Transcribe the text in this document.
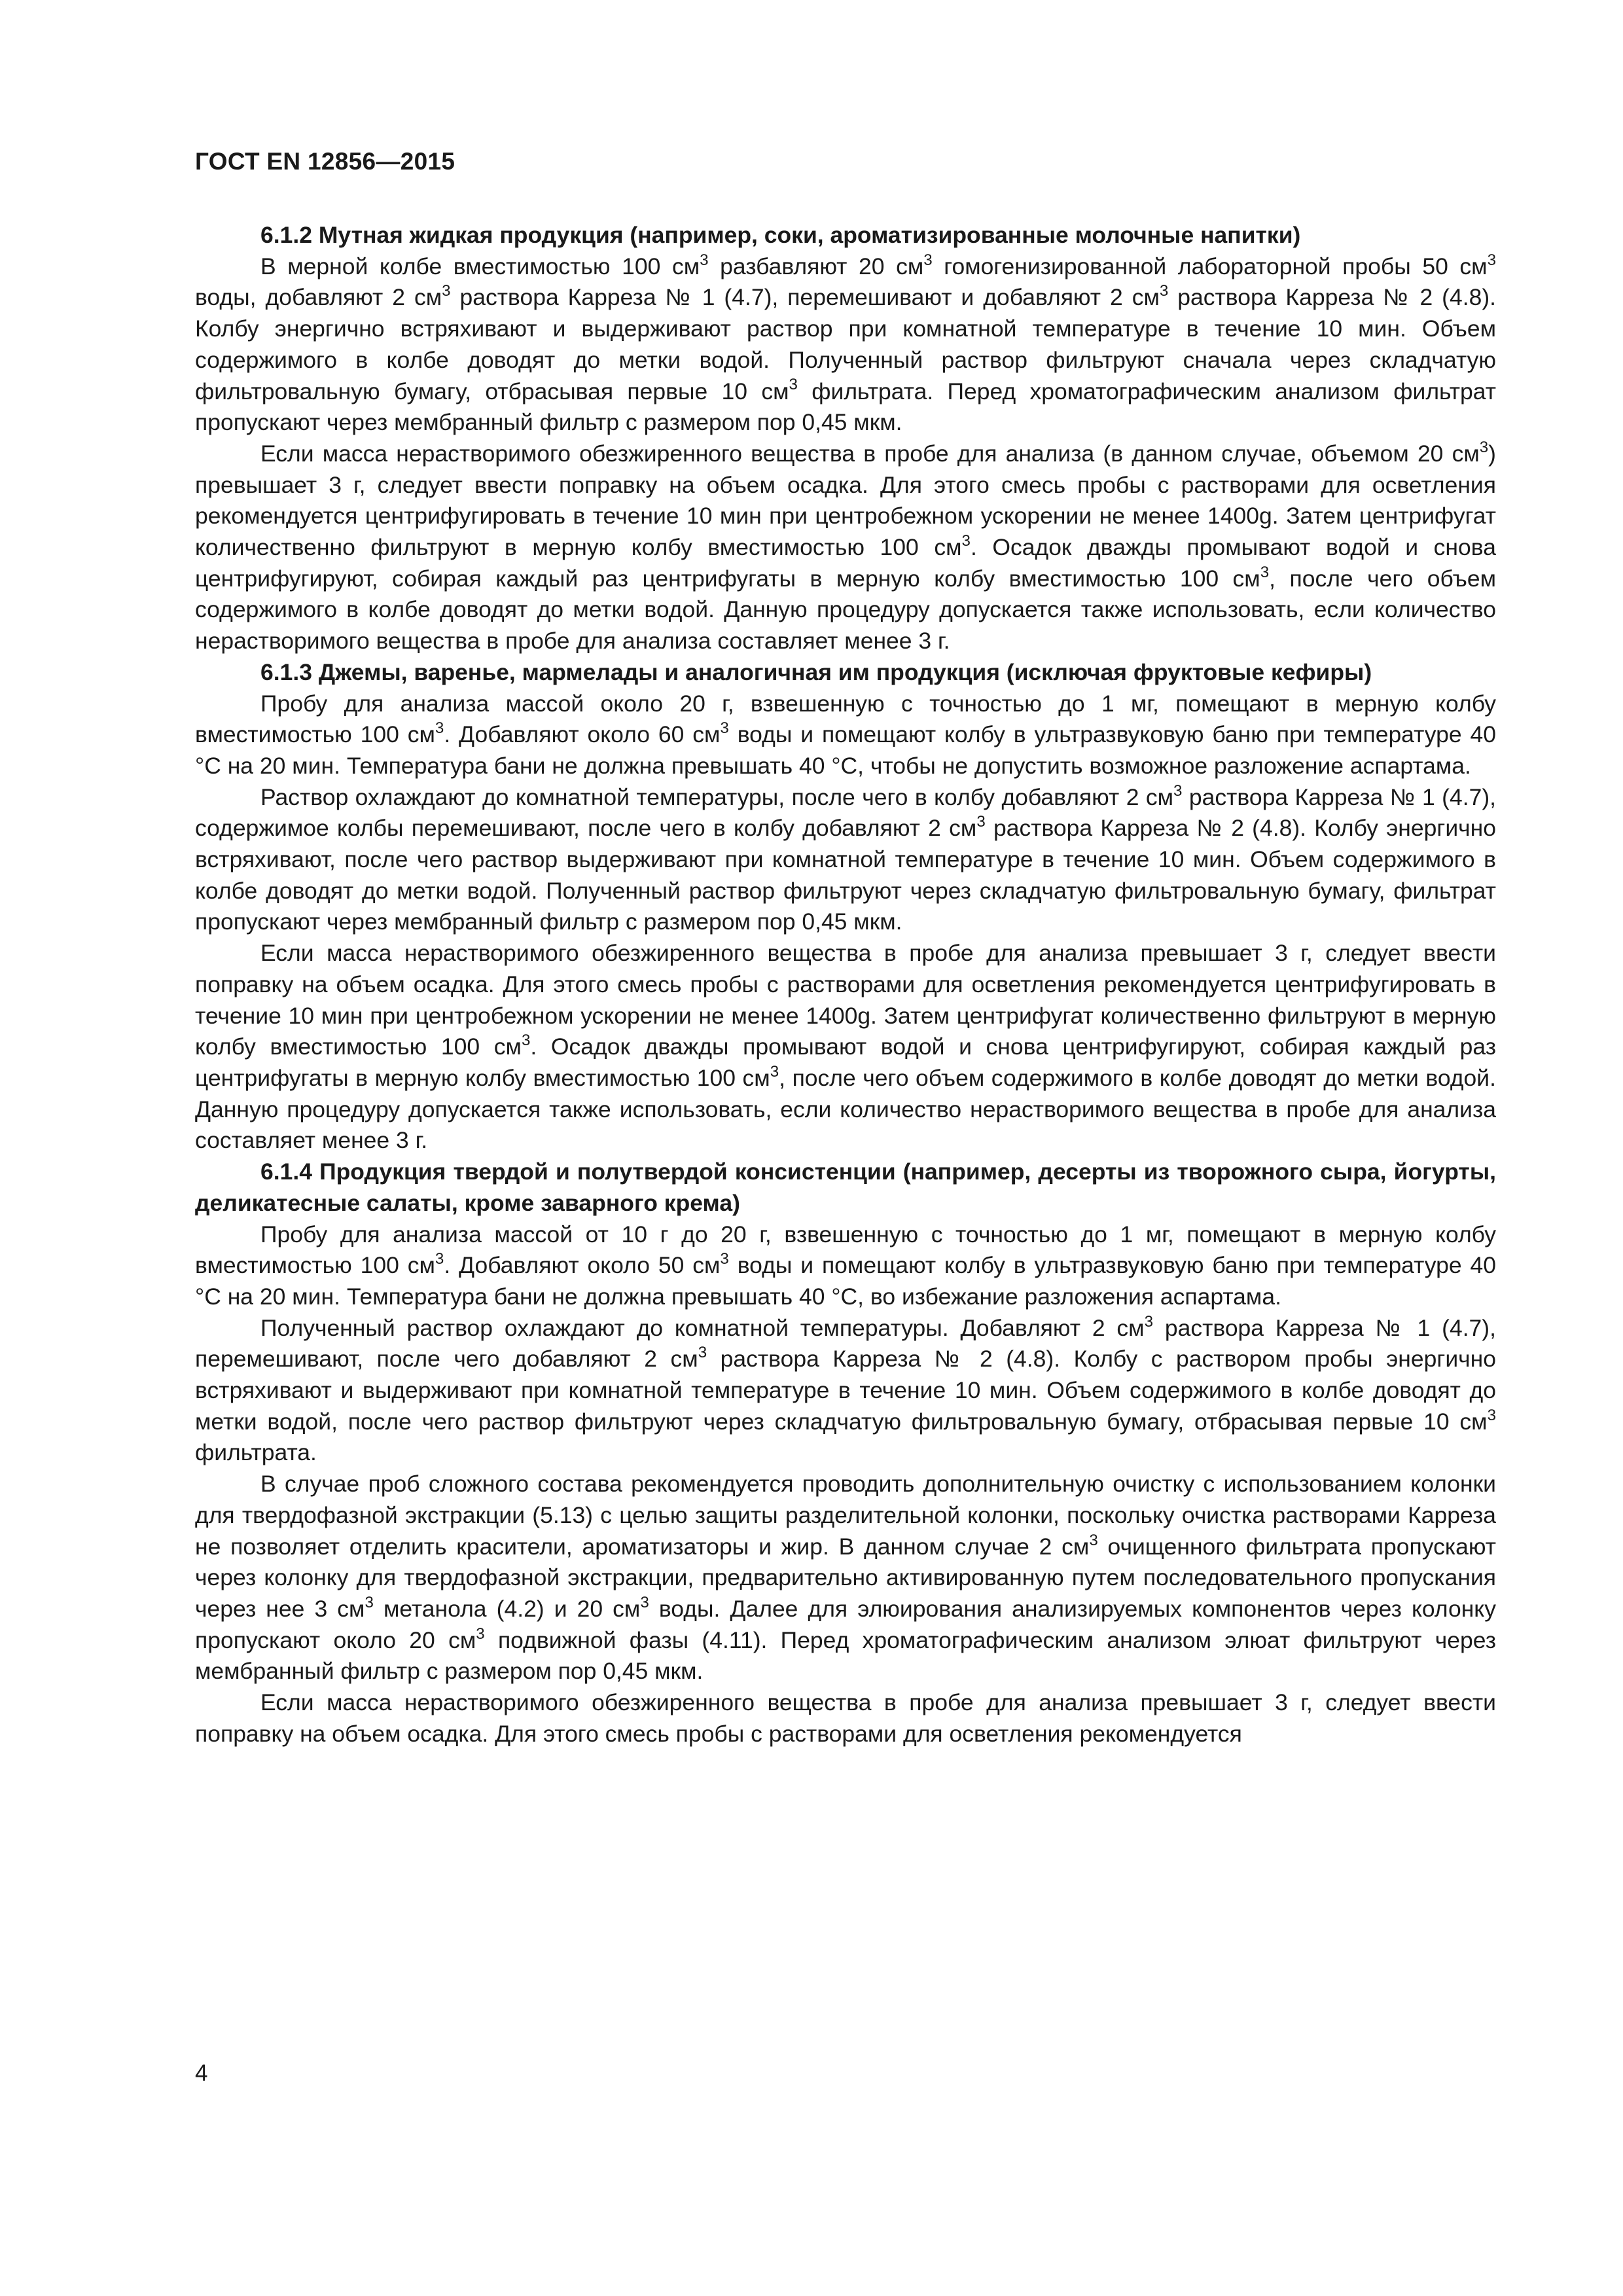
ГОСТ EN 12856—2015

6.1.2 Мутная жидкая продукция (например, соки, ароматизированные молочные напитки)

В мерной колбе вместимостью 100 $см^3$ разбавляют 20 $см^3$ гомогенизированной лабораторной пробы 50 $см^3$ воды, добавляют 2 $см^3$ раствора Карреза № 1 (4.7), перемешивают и добавляют 2 $см^3$ раствора Карреза № 2 (4.8). Колбу энергично встряхивают и выдерживают раствор при комнатной температуре в течение 10 мин. Объем содержимого в колбе доводят до метки водой. Полученный раствор фильтруют сначала через складчатую фильтровальную бумагу, отбрасывая первые 10 $см^3$ фильтрата. Перед хроматографическим анализом фильтрат пропускают через мембранный фильтр с размером пор 0,45 мкм.

Если масса нерастворимого обезжиренного вещества в пробе для анализа (в данном случае, объемом 20 $см^3$) превышает 3 г, следует ввести поправку на объем осадка. Для этого смесь пробы с растворами для осветления рекомендуется центрифугировать в течение 10 мин при центробежном ускорении не менее 1400g. Затем центрифугат количественно фильтруют в мерную колбу вместимостью 100 $см^3$. Осадок дважды промывают водой и снова центрифугируют, собирая каждый раз центрифугаты в мерную колбу вместимостью 100 $см^3$, после чего объем содержимого в колбе доводят до метки водой. Данную процедуру допускается также использовать, если количество нерастворимого вещества в пробе для анализа составляет менее 3 г.

6.1.3 Джемы, варенье, мармелады и аналогичная им продукция (исключая фруктовые кефиры)

Пробу для анализа массой около 20 г, взвешенную с точностью до 1 мг, помещают в мерную колбу вместимостью 100 $см^3$. Добавляют около 60 $см^3$ воды и помещают колбу в ультразвуковую баню при температуре 40 °С на 20 мин. Температура бани не должна превышать 40 °С, чтобы не допустить возможное разложение аспартама.

Раствор охлаждают до комнатной температуры, после чего в колбу добавляют 2 $см^3$ раствора Карреза № 1 (4.7), содержимое колбы перемешивают, после чего в колбу добавляют 2 $см^3$ раствора Карреза № 2 (4.8). Колбу энергично встряхивают, после чего раствор выдерживают при комнатной температуре в течение 10 мин. Объем содержимого в колбе доводят до метки водой. Полученный раствор фильтруют через складчатую фильтровальную бумагу, фильтрат пропускают через мембранный фильтр с размером пор 0,45 мкм.

Если масса нерастворимого обезжиренного вещества в пробе для анализа превышает 3 г, следует ввести поправку на объем осадка. Для этого смесь пробы с растворами для осветления рекомендуется центрифугировать в течение 10 мин при центробежном ускорении не менее 1400g. Затем центрифугат количественно фильтруют в мерную колбу вместимостью 100 $см^3$. Осадок дважды промывают водой и снова центрифугируют, собирая каждый раз центрифугаты в мерную колбу вместимостью 100 $см^3$, после чего объем содержимого в колбе доводят до метки водой. Данную процедуру допускается также использовать, если количество нерастворимого вещества в пробе для анализа составляет менее 3 г.

6.1.4 Продукция твердой и полутвердой консистенции (например, десерты из творожного сыра, йогурты, деликатесные салаты, кроме заварного крема)

Пробу для анализа массой от 10 г до 20 г, взвешенную с точностью до 1 мг, помещают в мерную колбу вместимостью 100 $см^3$. Добавляют около 50 $см^3$ воды и помещают колбу в ультразвуковую баню при температуре 40 °С на 20 мин. Температура бани не должна превышать 40 °С, во избежание разложения аспартама.

Полученный раствор охлаждают до комнатной температуры. Добавляют 2 $см^3$ раствора Карреза № 1 (4.7), перемешивают, после чего добавляют 2 $см^3$ раствора Карреза № 2 (4.8). Колбу с раствором пробы энергично встряхивают и выдерживают при комнатной температуре в течение 10 мин. Объем содержимого в колбе доводят до метки водой, после чего раствор фильтруют через складчатую фильтровальную бумагу, отбрасывая первые 10 $см^3$ фильтрата.

В случае проб сложного состава рекомендуется проводить дополнительную очистку с использованием колонки для твердофазной экстракции (5.13) с целью защиты разделительной колонки, поскольку очистка растворами Карреза не позволяет отделить красители, ароматизаторы и жир. В данном случае 2 $см^3$ очищенного фильтрата пропускают через колонку для твердофазной экстракции, предварительно активированную путем последовательного пропускания через нее 3 $см^3$ метанола (4.2) и 20 $см^3$ воды. Далее для элюирования анализируемых компонентов через колонку пропускают около 20 $см^3$ подвижной фазы (4.11). Перед хроматографическим анализом элюат фильтруют через мембранный фильтр с размером пор 0,45 мкм.

Если масса нерастворимого обезжиренного вещества в пробе для анализа превышает 3 г, следует ввести поправку на объем осадка. Для этого смесь пробы с растворами для осветления рекомендуется

4
